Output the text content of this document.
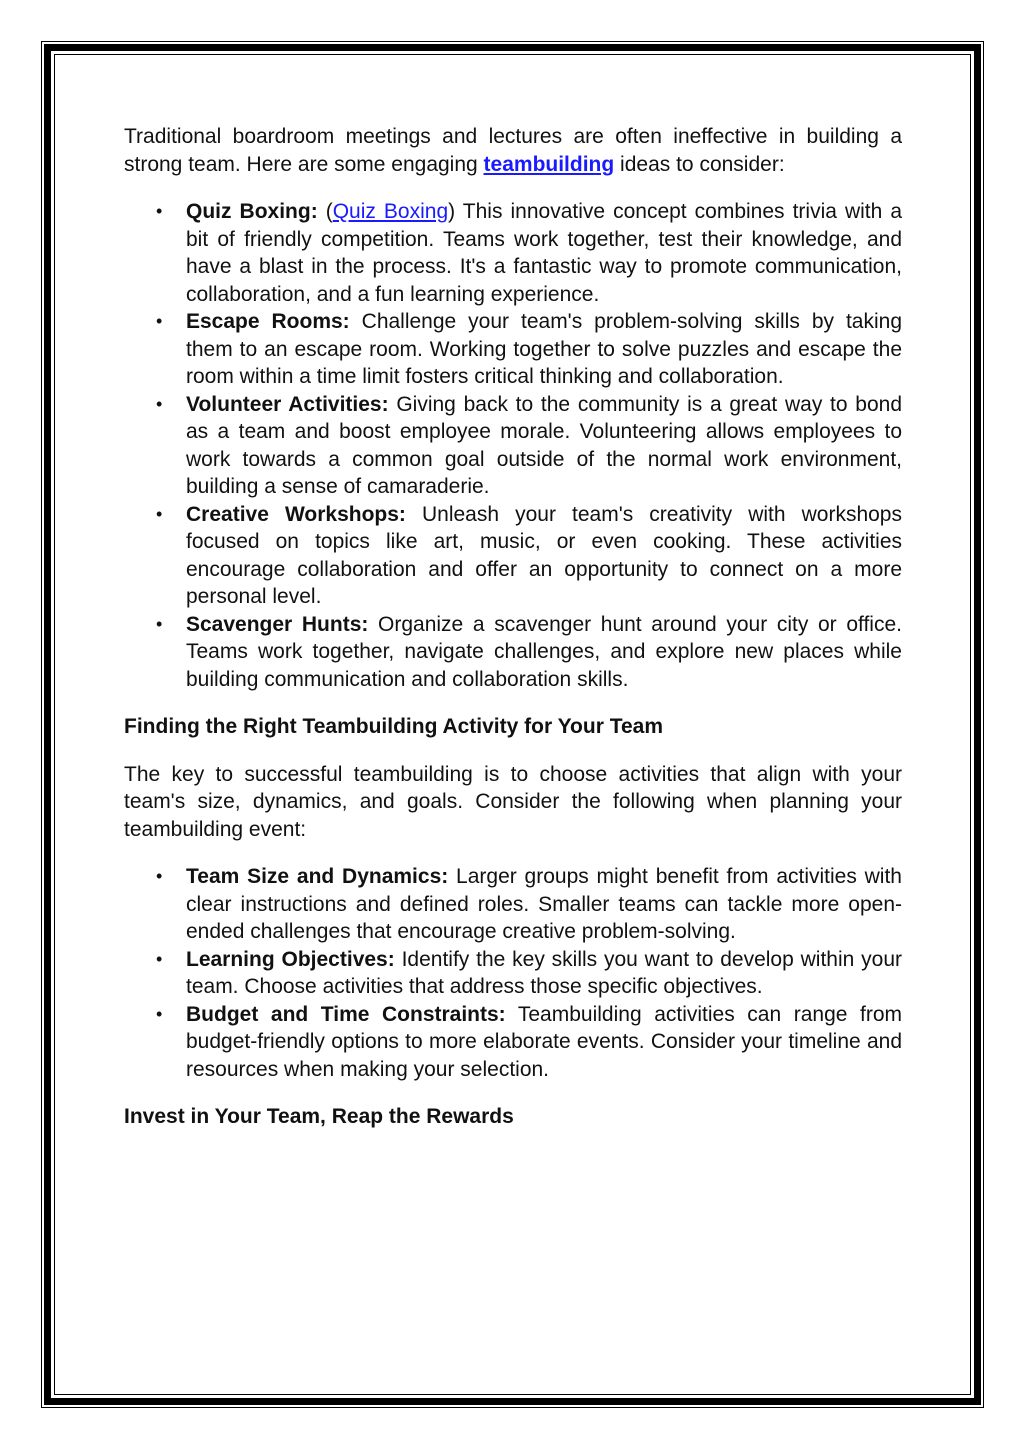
Traditional boardroom meetings and lectures are often ineffective in building a strong team. Here are some engaging teambuilding ideas to consider:

• Quiz Boxing: (Quiz Boxing) This innovative concept combines trivia with a bit of friendly competition. Teams work together, test their knowledge, and have a blast in the process. It's a fantastic way to promote communication, collaboration, and a fun learning experience.
• Escape Rooms: Challenge your team's problem-solving skills by taking them to an escape room. Working together to solve puzzles and escape the room within a time limit fosters critical thinking and collaboration.
• Volunteer Activities: Giving back to the community is a great way to bond as a team and boost employee morale. Volunteering allows employees to work towards a common goal outside of the normal work environment, building a sense of camaraderie.
• Creative Workshops: Unleash your team's creativity with workshops focused on topics like art, music, or even cooking. These activities encourage collaboration and offer an opportunity to connect on a more personal level.
• Scavenger Hunts: Organize a scavenger hunt around your city or office. Teams work together, navigate challenges, and explore new places while building communication and collaboration skills.
Finding the Right Teambuilding Activity for Your Team

The key to successful teambuilding is to choose activities that align with your team's size, dynamics, and goals. Consider the following when planning your teambuilding event:

• Team Size and Dynamics: Larger groups might benefit from activities with clear instructions and defined roles. Smaller teams can tackle more open-ended challenges that encourage creative problem-solving.
• Learning Objectives: Identify the key skills you want to develop within your team. Choose activities that address those specific objectives.
• Budget and Time Constraints: Teambuilding activities can range from budget-friendly options to more elaborate events. Consider your timeline and resources when making your selection.
Invest in Your Team, Reap the Rewards
